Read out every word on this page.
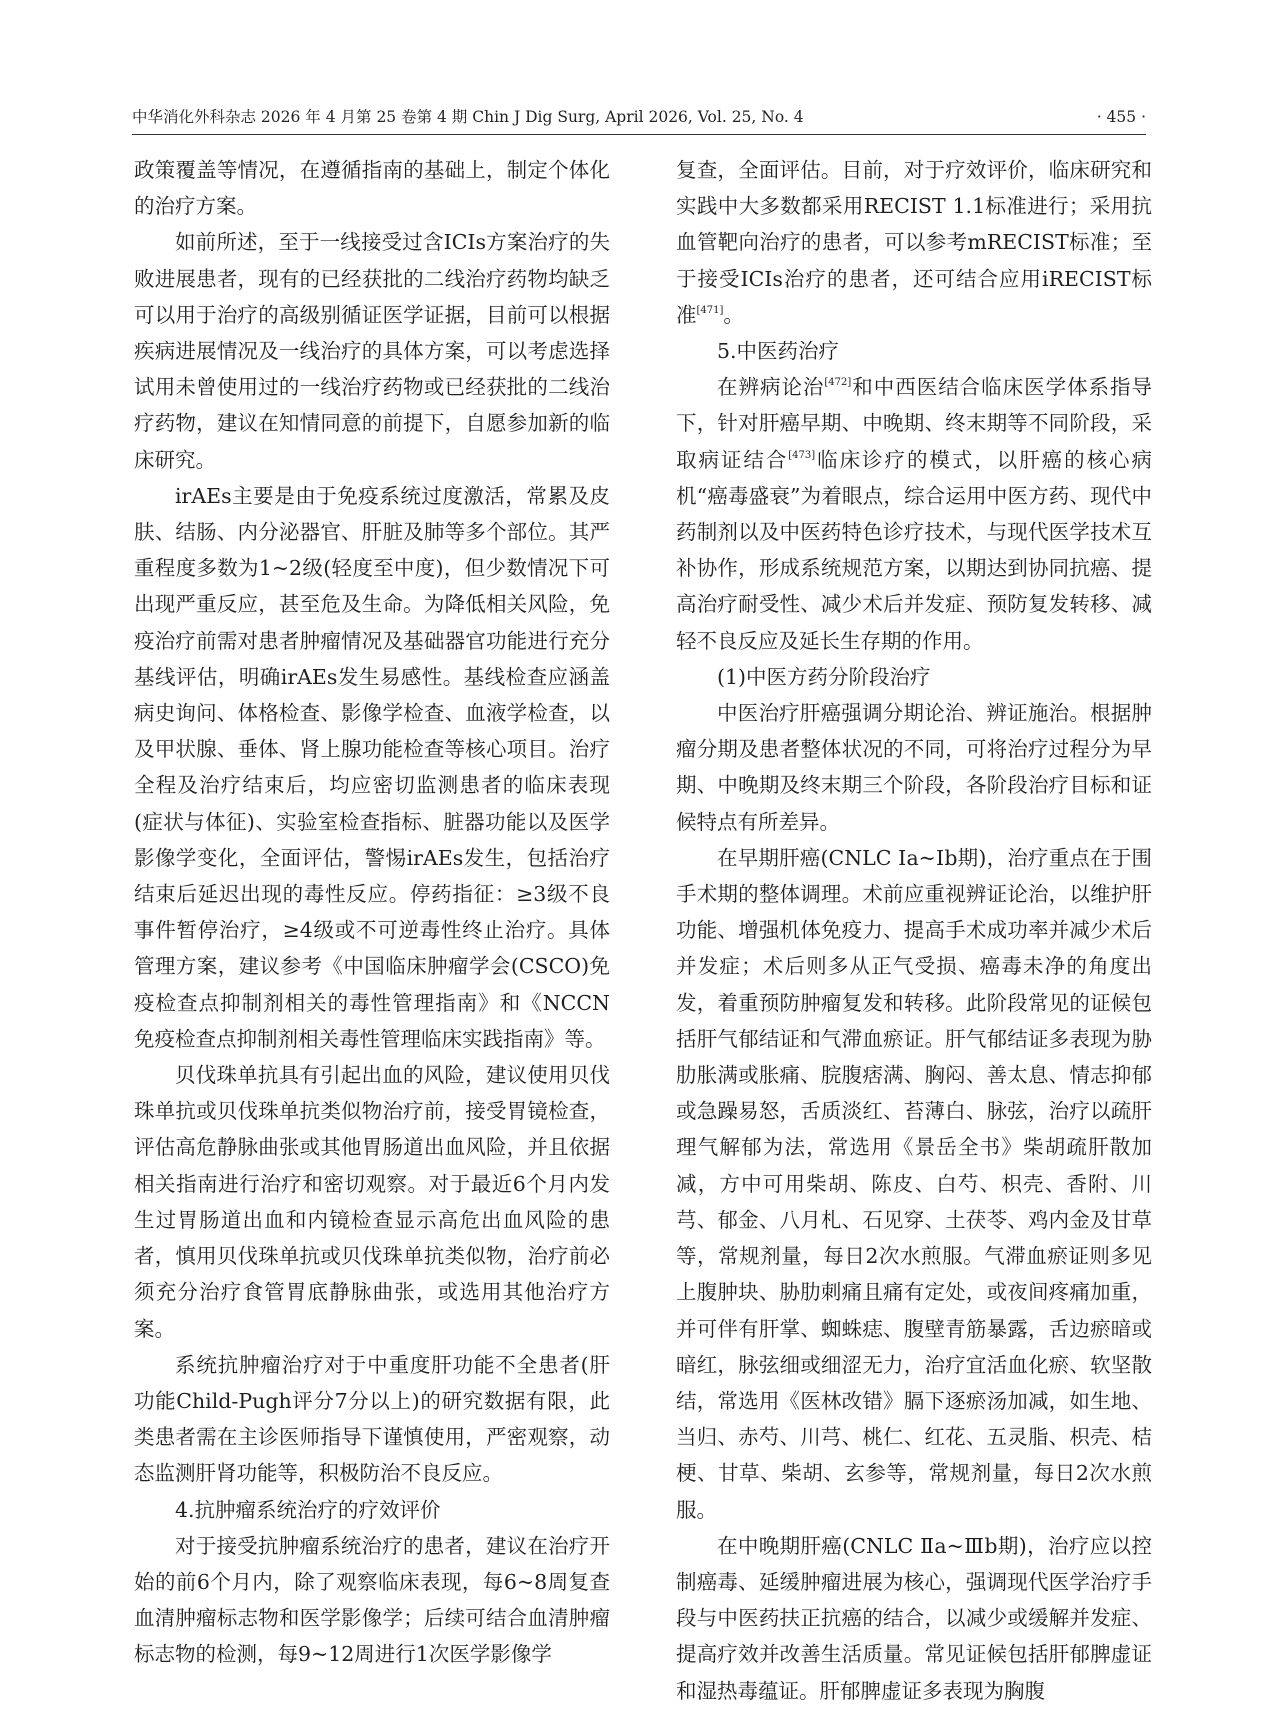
中华消化外科杂志 2026 年 4 月第 25 卷第 4 期 Chin J Dig Surg, April 2026, Vol. 25, No. 4	· 455 ·

政策覆盖等情况，在遵循指南的基础上，制定个体化的治疗方案。

如前所述，至于一线接受过含ICIs方案治疗的失败进展患者，现有的已经获批的二线治疗药物均缺乏可以用于治疗的高级别循证医学证据，目前可以根据疾病进展情况及一线治疗的具体方案，可以考虑选择试用未曾使用过的一线治疗药物或已经获批的二线治疗药物，建议在知情同意的前提下，自愿参加新的临床研究。

irAEs主要是由于免疫系统过度激活，常累及皮肤、结肠、内分泌器官、肝脏及肺等多个部位。其严重程度多数为1~2级(轻度至中度)，但少数情况下可出现严重反应，甚至危及生命。为降低相关风险，免疫治疗前需对患者肿瘤情况及基础器官功能进行充分基线评估，明确irAEs发生易感性。基线检查应涵盖病史询问、体格检查、影像学检查、血液学检查，以及甲状腺、垂体、肾上腺功能检查等核心项目。治疗全程及治疗结束后，均应密切监测患者的临床表现(症状与体征)、实验室检查指标、脏器功能以及医学影像学变化，全面评估，警惕irAEs发生，包括治疗结束后延迟出现的毒性反应。停药指征：≥3级不良事件暂停治疗，≥4级或不可逆毒性终止治疗。具体管理方案，建议参考《中国临床肿瘤学会(CSCO)免疫检查点抑制剂相关的毒性管理指南》和《NCCN免疫检查点抑制剂相关毒性管理临床实践指南》等。

贝伐珠单抗具有引起出血的风险，建议使用贝伐珠单抗或贝伐珠单抗类似物治疗前，接受胃镜检查，评估高危静脉曲张或其他胃肠道出血风险，并且依据相关指南进行治疗和密切观察。对于最近6个月内发生过胃肠道出血和内镜检查显示高危出血风险的患者，慎用贝伐珠单抗或贝伐珠单抗类似物，治疗前必须充分治疗食管胃底静脉曲张，或选用其他治疗方案。

系统抗肿瘤治疗对于中重度肝功能不全患者(肝功能Child-Pugh评分7分以上)的研究数据有限，此类患者需在主诊医师指导下谨慎使用，严密观察，动态监测肝肾功能等，积极防治不良反应。

4.抗肿瘤系统治疗的疗效评价

对于接受抗肿瘤系统治疗的患者，建议在治疗开始的前6个月内，除了观察临床表现，每6~8周复查血清肿瘤标志物和医学影像学；后续可结合血清肿瘤标志物的检测，每9~12周进行1次医学影像学

复查，全面评估。目前，对于疗效评价，临床研究和实践中大多数都采用RECIST 1.1标准进行；采用抗血管靶向治疗的患者，可以参考mRECIST标准；至于接受ICIs治疗的患者，还可结合应用iRECIST标准[471]。

5.中医药治疗

在辨病论治[472]和中西医结合临床医学体系指导下，针对肝癌早期、中晚期、终末期等不同阶段，采取病证结合[473]临床诊疗的模式，以肝癌的核心病机“癌毒盛衰”为着眼点，综合运用中医方药、现代中药制剂以及中医药特色诊疗技术，与现代医学技术互补协作，形成系统规范方案，以期达到协同抗癌、提高治疗耐受性、减少术后并发症、预防复发转移、减轻不良反应及延长生存期的作用。

(1)中医方药分阶段治疗

中医治疗肝癌强调分期论治、辨证施治。根据肿瘤分期及患者整体状况的不同，可将治疗过程分为早期、中晚期及终末期三个阶段，各阶段治疗目标和证候特点有所差异。

在早期肝癌(CNLC Ⅰa~Ⅰb期)，治疗重点在于围手术期的整体调理。术前应重视辨证论治，以维护肝功能、增强机体免疫力、提高手术成功率并减少术后并发症；术后则多从正气受损、癌毒未净的角度出发，着重预防肿瘤复发和转移。此阶段常见的证候包括肝气郁结证和气滞血瘀证。肝气郁结证多表现为胁肋胀满或胀痛、脘腹痞满、胸闷、善太息、情志抑郁或急躁易怒，舌质淡红、苔薄白、脉弦，治疗以疏肝理气解郁为法，常选用《景岳全书》柴胡疏肝散加减，方中可用柴胡、陈皮、白芍、枳壳、香附、川芎、郁金、八月札、石见穿、土茯苓、鸡内金及甘草等，常规剂量，每日2次水煎服。气滞血瘀证则多见上腹肿块、胁肋刺痛且痛有定处，或夜间疼痛加重，并可伴有肝掌、蜘蛛痣、腹壁青筋暴露，舌边瘀暗或暗红，脉弦细或细涩无力，治疗宜活血化瘀、软坚散结，常选用《医林改错》膈下逐瘀汤加减，如生地、当归、赤芍、川芎、桃仁、红花、五灵脂、枳壳、桔梗、甘草、柴胡、玄参等，常规剂量，每日2次水煎服。

在中晚期肝癌(CNLC Ⅱa~Ⅲb期)，治疗应以控制癌毒、延缓肿瘤进展为核心，强调现代医学治疗手段与中医药扶正抗癌的结合，以减少或缓解并发症、提高疗效并改善生活质量。常见证候包括肝郁脾虚证和湿热毒蕴证。肝郁脾虚证多表现为胸腹
